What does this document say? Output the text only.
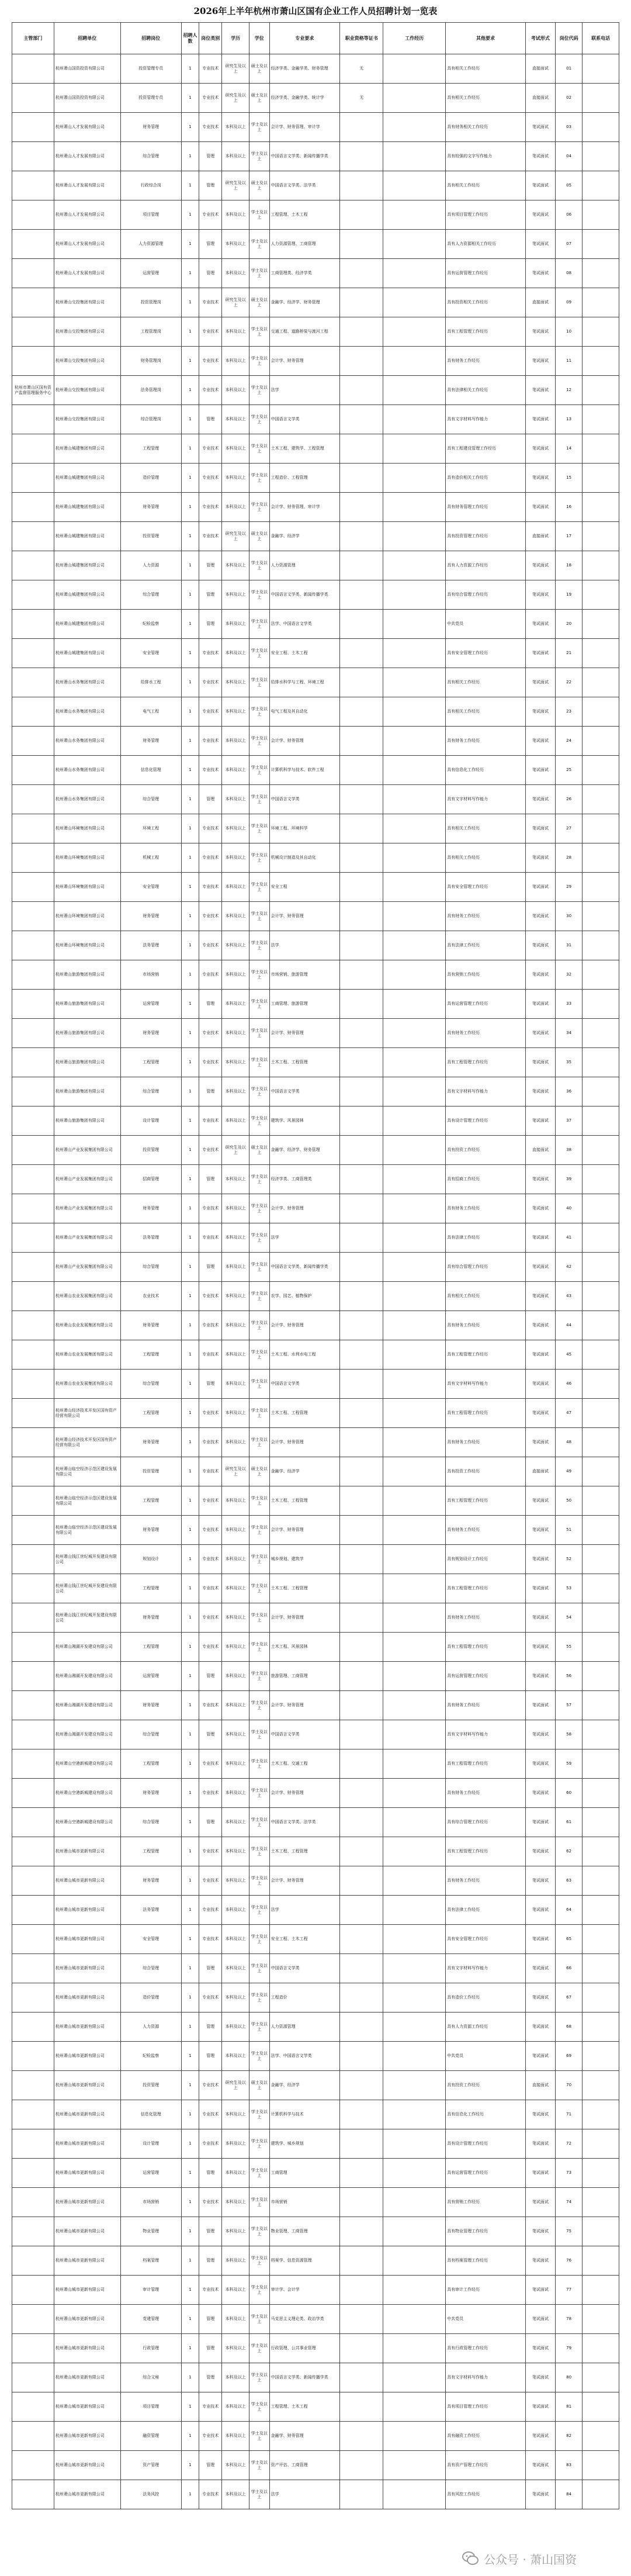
2026年上半年杭州市萧山区国有企业工作人员招聘计划一览表
主管部门	招聘单位	招聘岗位	招聘人数	岗位类别	学历	学位	专业要求	职业资格等证书	工作经历	其他要求	考试形式	岗位代码	联系电话
	杭州萧山国资投资有限公司	投资管理专员	1	专业技术	研究生及以上	硕士及以上	经济学类、金融学类、财务管理	无		具有相关工作经历	直接面试	01	
	杭州萧山国资投资有限公司	投资管理专员	1	专业技术	研究生及以上	硕士及以上	经济学类、金融学类、统计学	无		具有相关工作经历	直接面试	02	
	杭州萧山人才发展有限公司	财务管理	1	专业技术	本科及以上	学士及以上	会计学、财务管理、审计学			具有财务相关工作经历	笔试面试	03	
	杭州萧山人才发展有限公司	综合管理	1	管理	本科及以上	学士及以上	中国语言文学类、新闻传播学类			具有较强的文字写作能力	笔试面试	04	
	杭州萧山人才发展有限公司	行政综合岗	1	管理	研究生及以上	硕士及以上	中国语言文学类、法学类			具有相关工作经历	笔试面试	05	
	杭州萧山人才发展有限公司	项目管理	1	专业技术	本科及以上	学士及以上	工程管理、土木工程			具有项目管理工作经历	笔试面试	06	
	杭州萧山人才发展有限公司	人力资源管理	1	管理	本科及以上	学士及以上	人力资源管理、工商管理			具有人力资源相关工作经历	笔试面试	07	
	杭州萧山人才发展有限公司	运营管理	1	管理	本科及以上	学士及以上	工商管理类、经济学类			具有运营管理工作经历	笔试面试	08	
	杭州萧山交投集团有限公司	投资管理岗	1	专业技术	研究生及以上	硕士及以上	金融学、经济学、财务管理			具有投资相关工作经历	直接面试	09	
	杭州萧山交投集团有限公司	工程管理岗	1	专业技术	本科及以上	学士及以上	交通工程、道路桥梁与渡河工程			具有工程管理工作经历	笔试面试	10	
	杭州萧山交投集团有限公司	财务管理岗	1	专业技术	本科及以上	学士及以上	会计学、财务管理			具有财务工作经历	笔试面试	11	
杭州市萧山区国有资产监督管理服务中心	杭州萧山交投集团有限公司	法务管理岗	1	专业技术	本科及以上	学士及以上	法学			具有法律相关工作经历	笔试面试	12	
	杭州萧山交投集团有限公司	综合管理岗	1	管理	本科及以上	学士及以上	中国语言文学类			具有文字材料写作能力	笔试面试	13	
	杭州萧山城建集团有限公司	工程管理	1	专业技术	本科及以上	学士及以上	土木工程、建筑学、工程管理			具有工程建设管理工作经历	笔试面试	14	
	杭州萧山城建集团有限公司	造价管理	1	专业技术	本科及以上	学士及以上	工程造价、工程管理			具有造价相关工作经历	笔试面试	15	
	杭州萧山城建集团有限公司	财务管理	1	专业技术	本科及以上	学士及以上	会计学、财务管理、审计学			具有财务管理工作经历	笔试面试	16	
	杭州萧山城建集团有限公司	投资管理	1	专业技术	研究生及以上	硕士及以上	金融学、经济学			具有投资管理工作经历	直接面试	17	
	杭州萧山城建集团有限公司	人力资源	1	管理	本科及以上	学士及以上	人力资源管理			具有人力资源工作经历	笔试面试	18	
	杭州萧山城建集团有限公司	综合管理	1	管理	本科及以上	学士及以上	中国语言文学类、新闻传播学类			具有综合管理工作经历	笔试面试	19	
	杭州萧山城建集团有限公司	纪检监察	1	管理	本科及以上	学士及以上	法学、中国语言文学类			中共党员	笔试面试	20	
	杭州萧山城建集团有限公司	安全管理	1	专业技术	本科及以上	学士及以上	安全工程、土木工程			具有安全管理工作经历	笔试面试	21	
	杭州萧山水务集团有限公司	给排水工程	1	专业技术	本科及以上	学士及以上	给排水科学与工程、环境工程			具有相关工作经历	笔试面试	22	
	杭州萧山水务集团有限公司	电气工程	1	专业技术	本科及以上	学士及以上	电气工程及其自动化			具有相关工作经历	笔试面试	23	
	杭州萧山水务集团有限公司	财务管理	1	专业技术	本科及以上	学士及以上	会计学、财务管理			具有财务工作经历	笔试面试	24	
	杭州萧山水务集团有限公司	信息化管理	1	专业技术	本科及以上	学士及以上	计算机科学与技术、软件工程			具有信息化工作经历	笔试面试	25	
	杭州萧山水务集团有限公司	综合管理	1	管理	本科及以上	学士及以上	中国语言文学类			具有文字材料写作能力	笔试面试	26	
	杭州萧山环境集团有限公司	环境工程	1	专业技术	本科及以上	学士及以上	环境工程、环境科学			具有相关工作经历	笔试面试	27	
	杭州萧山环境集团有限公司	机械工程	1	专业技术	本科及以上	学士及以上	机械设计制造及其自动化			具有相关工作经历	笔试面试	28	
	杭州萧山环境集团有限公司	安全管理	1	专业技术	本科及以上	学士及以上	安全工程			具有安全管理工作经历	笔试面试	29	
	杭州萧山环境集团有限公司	财务管理	1	专业技术	本科及以上	学士及以上	会计学、财务管理			具有财务工作经历	笔试面试	30	
	杭州萧山环境集团有限公司	法务管理	1	专业技术	本科及以上	学士及以上	法学			具有法律工作经历	笔试面试	31	
	杭州萧山旅游集团有限公司	市场营销	1	专业技术	本科及以上	学士及以上	市场营销、旅游管理			具有营销工作经历	笔试面试	32	
	杭州萧山旅游集团有限公司	运营管理	1	管理	本科及以上	学士及以上	工商管理、旅游管理			具有运营管理工作经历	笔试面试	33	
	杭州萧山旅游集团有限公司	财务管理	1	专业技术	本科及以上	学士及以上	会计学、财务管理			具有财务工作经历	笔试面试	34	
	杭州萧山旅游集团有限公司	工程管理	1	专业技术	本科及以上	学士及以上	土木工程、工程管理			具有工程管理工作经历	笔试面试	35	
	杭州萧山旅游集团有限公司	综合管理	1	管理	本科及以上	学士及以上	中国语言文学类			具有文字材料写作能力	笔试面试	36	
	杭州萧山旅游集团有限公司	设计管理	1	专业技术	本科及以上	学士及以上	建筑学、风景园林			具有设计管理工作经历	笔试面试	37	
	杭州萧山产业发展集团有限公司	投资管理	1	专业技术	研究生及以上	硕士及以上	金融学、经济学、财务管理			具有投资工作经历	直接面试	38	
	杭州萧山产业发展集团有限公司	招商管理	1	管理	本科及以上	学士及以上	经济学类、工商管理类			具有招商工作经历	笔试面试	39	
	杭州萧山产业发展集团有限公司	财务管理	1	专业技术	本科及以上	学士及以上	会计学、财务管理			具有财务工作经历	笔试面试	40	
	杭州萧山产业发展集团有限公司	法务管理	1	专业技术	本科及以上	学士及以上	法学			具有法律工作经历	笔试面试	41	
	杭州萧山产业发展集团有限公司	综合管理	1	管理	本科及以上	学士及以上	中国语言文学类、新闻传播学类			具有综合管理工作经历	笔试面试	42	
	杭州萧山农业发展集团有限公司	农业技术	1	专业技术	本科及以上	学士及以上	农学、园艺、植物保护			具有相关工作经历	笔试面试	43	
	杭州萧山农业发展集团有限公司	财务管理	1	专业技术	本科及以上	学士及以上	会计学、财务管理			具有财务工作经历	笔试面试	44	
	杭州萧山农业发展集团有限公司	工程管理	1	专业技术	本科及以上	学士及以上	土木工程、水利水电工程			具有工程管理工作经历	笔试面试	45	
	杭州萧山农业发展集团有限公司	综合管理	1	管理	本科及以上	学士及以上	中国语言文学类			具有文字材料写作能力	笔试面试	46	
	杭州萧山经济技术开发区国有资产经营有限公司	工程管理	1	专业技术	本科及以上	学士及以上	土木工程、工程管理			具有工程管理工作经历	笔试面试	47	
	杭州萧山经济技术开发区国有资产经营有限公司	财务管理	1	专业技术	本科及以上	学士及以上	会计学、财务管理			具有财务工作经历	笔试面试	48	
	杭州萧山临空经济示范区建设发展有限公司	投资管理	1	专业技术	研究生及以上	硕士及以上	金融学、经济学			具有投资工作经历	直接面试	49	
	杭州萧山临空经济示范区建设发展有限公司	工程管理	1	专业技术	本科及以上	学士及以上	土木工程、工程管理			具有工程管理工作经历	笔试面试	50	
	杭州萧山临空经济示范区建设发展有限公司	财务管理	1	专业技术	本科及以上	学士及以上	会计学、财务管理			具有财务工作经历	笔试面试	51	
	杭州萧山钱江世纪城开发建设有限公司	规划设计	1	专业技术	本科及以上	学士及以上	城乡规划、建筑学			具有规划设计工作经历	笔试面试	52	
	杭州萧山钱江世纪城开发建设有限公司	工程管理	1	专业技术	本科及以上	学士及以上	土木工程、工程管理			具有工程管理工作经历	笔试面试	53	
	杭州萧山钱江世纪城开发建设有限公司	财务管理	1	专业技术	本科及以上	学士及以上	会计学、财务管理			具有财务工作经历	笔试面试	54	
	杭州萧山湘湖开发建设有限公司	工程管理	1	专业技术	本科及以上	学士及以上	土木工程、风景园林			具有工程管理工作经历	笔试面试	55	
	杭州萧山湘湖开发建设有限公司	运营管理	1	管理	本科及以上	学士及以上	旅游管理、工商管理			具有运营管理工作经历	笔试面试	56	
	杭州萧山湘湖开发建设有限公司	财务管理	1	专业技术	本科及以上	学士及以上	会计学、财务管理			具有财务工作经历	笔试面试	57	
	杭州萧山湘湖开发建设有限公司	综合管理	1	管理	本科及以上	学士及以上	中国语言文学类			具有文字材料写作能力	笔试面试	58	
	杭州萧山空港新城建设有限公司	工程管理	1	专业技术	本科及以上	学士及以上	土木工程、交通工程			具有工程管理工作经历	笔试面试	59	
	杭州萧山空港新城建设有限公司	财务管理	1	专业技术	本科及以上	学士及以上	会计学、财务管理			具有财务工作经历	笔试面试	60	
	杭州萧山空港新城建设有限公司	综合管理	1	管理	本科及以上	学士及以上	中国语言文学类、法学类			具有综合管理工作经历	笔试面试	61	
	杭州萧山城市更新有限公司	工程管理	1	专业技术	本科及以上	学士及以上	土木工程、工程管理			具有工程管理工作经历	笔试面试	62	
	杭州萧山城市更新有限公司	财务管理	1	专业技术	本科及以上	学士及以上	会计学、财务管理			具有财务工作经历	笔试面试	63	
	杭州萧山城市更新有限公司	法务管理	1	专业技术	本科及以上	学士及以上	法学			具有法律工作经历	笔试面试	64	
	杭州萧山城市更新有限公司	安全管理	1	专业技术	本科及以上	学士及以上	安全工程、土木工程			具有安全管理工作经历	笔试面试	65	
	杭州萧山城市更新有限公司	综合管理	1	管理	本科及以上	学士及以上	中国语言文学类			具有文字材料写作能力	笔试面试	66	
	杭州萧山城市更新有限公司	造价管理	1	专业技术	本科及以上	学士及以上	工程造价			具有造价工作经历	笔试面试	67	
	杭州萧山城市更新有限公司	人力资源	1	管理	本科及以上	学士及以上	人力资源管理			具有人力资源工作经历	笔试面试	68	
	杭州萧山城市更新有限公司	纪检监察	1	管理	本科及以上	学士及以上	法学、中国语言文学类			中共党员	笔试面试	69	
	杭州萧山城市更新有限公司	投资管理	1	专业技术	研究生及以上	硕士及以上	金融学、经济学			具有投资工作经历	直接面试	70	
	杭州萧山城市更新有限公司	信息化管理	1	专业技术	本科及以上	学士及以上	计算机科学与技术			具有信息化工作经历	笔试面试	71	
	杭州萧山城市更新有限公司	设计管理	1	专业技术	本科及以上	学士及以上	建筑学、城乡规划			具有设计管理工作经历	笔试面试	72	
	杭州萧山城市更新有限公司	运营管理	1	管理	本科及以上	学士及以上	工商管理			具有运营管理工作经历	笔试面试	73	
	杭州萧山城市更新有限公司	市场营销	1	专业技术	本科及以上	学士及以上	市场营销			具有营销工作经历	笔试面试	74	
	杭州萧山城市更新有限公司	物业管理	1	管理	本科及以上	学士及以上	物业管理、工商管理			具有物业管理工作经历	笔试面试	75	
	杭州萧山城市更新有限公司	档案管理	1	管理	本科及以上	学士及以上	档案学、信息资源管理			具有档案管理工作经历	笔试面试	76	
	杭州萧山城市更新有限公司	审计管理	1	专业技术	本科及以上	学士及以上	审计学、会计学			具有审计工作经历	笔试面试	77	
	杭州萧山城市更新有限公司	党建管理	1	管理	本科及以上	学士及以上	马克思主义理论类、政治学类			中共党员	笔试面试	78	
	杭州萧山城市更新有限公司	行政管理	1	管理	本科及以上	学士及以上	行政管理、公共事业管理			具有行政管理工作经历	笔试面试	79	
	杭州萧山城市更新有限公司	综合文秘	1	管理	本科及以上	学士及以上	中国语言文学类、新闻传播学类			具有文字材料写作能力	笔试面试	80	
	杭州萧山城市更新有限公司	项目管理	1	专业技术	本科及以上	学士及以上	工程管理、土木工程			具有项目管理工作经历	笔试面试	81	
	杭州萧山城市更新有限公司	融资管理	1	专业技术	本科及以上	学士及以上	金融学、财务管理			具有融资工作经历	笔试面试	82	
	杭州萧山城市更新有限公司	资产管理	1	管理	本科及以上	学士及以上	资产评估、工商管理			具有资产管理工作经历	笔试面试	83	
	杭州萧山城市更新有限公司	法务风控	1	专业技术	本科及以上	学士及以上	法学			具有风控工作经历	笔试面试	84	
公众号 · 萧山国资
